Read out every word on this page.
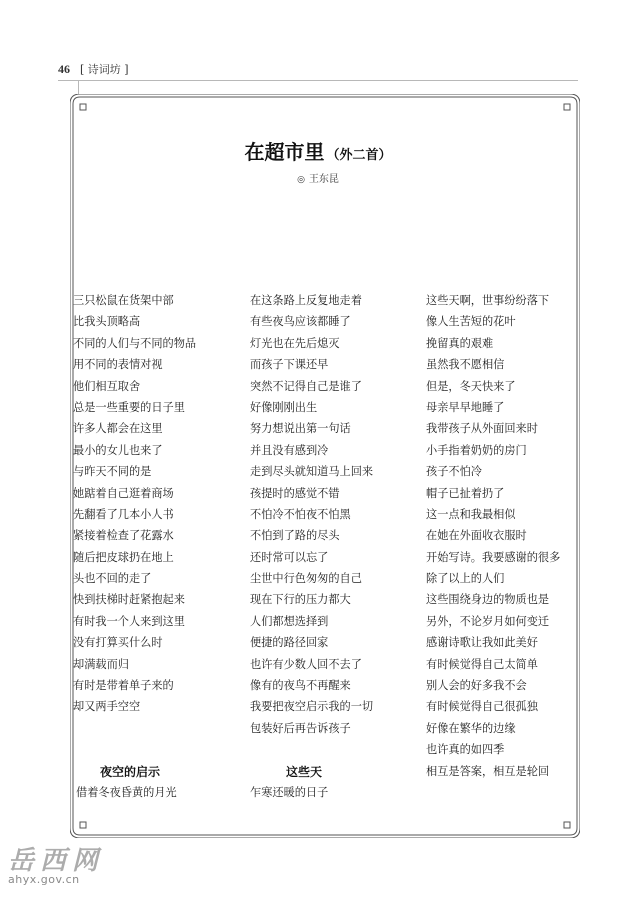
46 [ 诗词坊 ]
在超市里 （外二首）
◎ 王东昆
三只松鼠在货架中部
比我头顶略高
不同的人们与不同的物品
用不同的表情对视
他们相互取舍
总是一些重要的日子里
许多人都会在这里
最小的女儿也来了
与昨天不同的是
她踮着自己逛着商场
先翻看了几本小人书
紧接着检查了花露水
随后把皮球扔在地上
头也不回的走了
快到扶梯时赶紧抱起来
有时我一个人来到这里
没有打算买什么时
却满载而归
有时是带着单子来的
却又两手空空
在这条路上反复地走着
有些夜鸟应该都睡了
灯光也在先后熄灭
而孩子下课还早
突然不记得自己是谁了
好像刚刚出生
努力想说出第一句话
并且没有感到冷
走到尽头就知道马上回来
孩提时的感觉不错
不怕冷不怕夜不怕黑
不怕到了路的尽头
还时常可以忘了
尘世中行色匆匆的自己
现在下行的压力都大
人们都想选择到
便捷的路径回家
也许有少数人回不去了
像有的夜鸟不再醒来
我要把夜空启示我的一切
包装好后再告诉孩子
这些天啊，世事纷纷落下
像人生苦短的花叶
挽留真的艰难
虽然我不愿相信
但是，冬天快来了
母亲早早地睡了
我带孩子从外面回来时
小手指着奶奶的房门
孩子不怕冷
帽子已扯着扔了
这一点和我最相似
在她在外面收衣服时
开始写诗。我要感谢的很多
除了以上的人们
这些围绕身边的物质也是
另外，不论岁月如何变迁
感谢诗歌让我如此美好
有时候觉得自己太简单
别人会的好多我不会
有时候觉得自己很孤独
好像在繁华的边缘
也许真的如四季
相互是答案，相互是轮回
夜空的启示
借着冬夜昏黄的月光
这些天
乍寒还暖的日子
岳西网
ahyx.gov.cn
